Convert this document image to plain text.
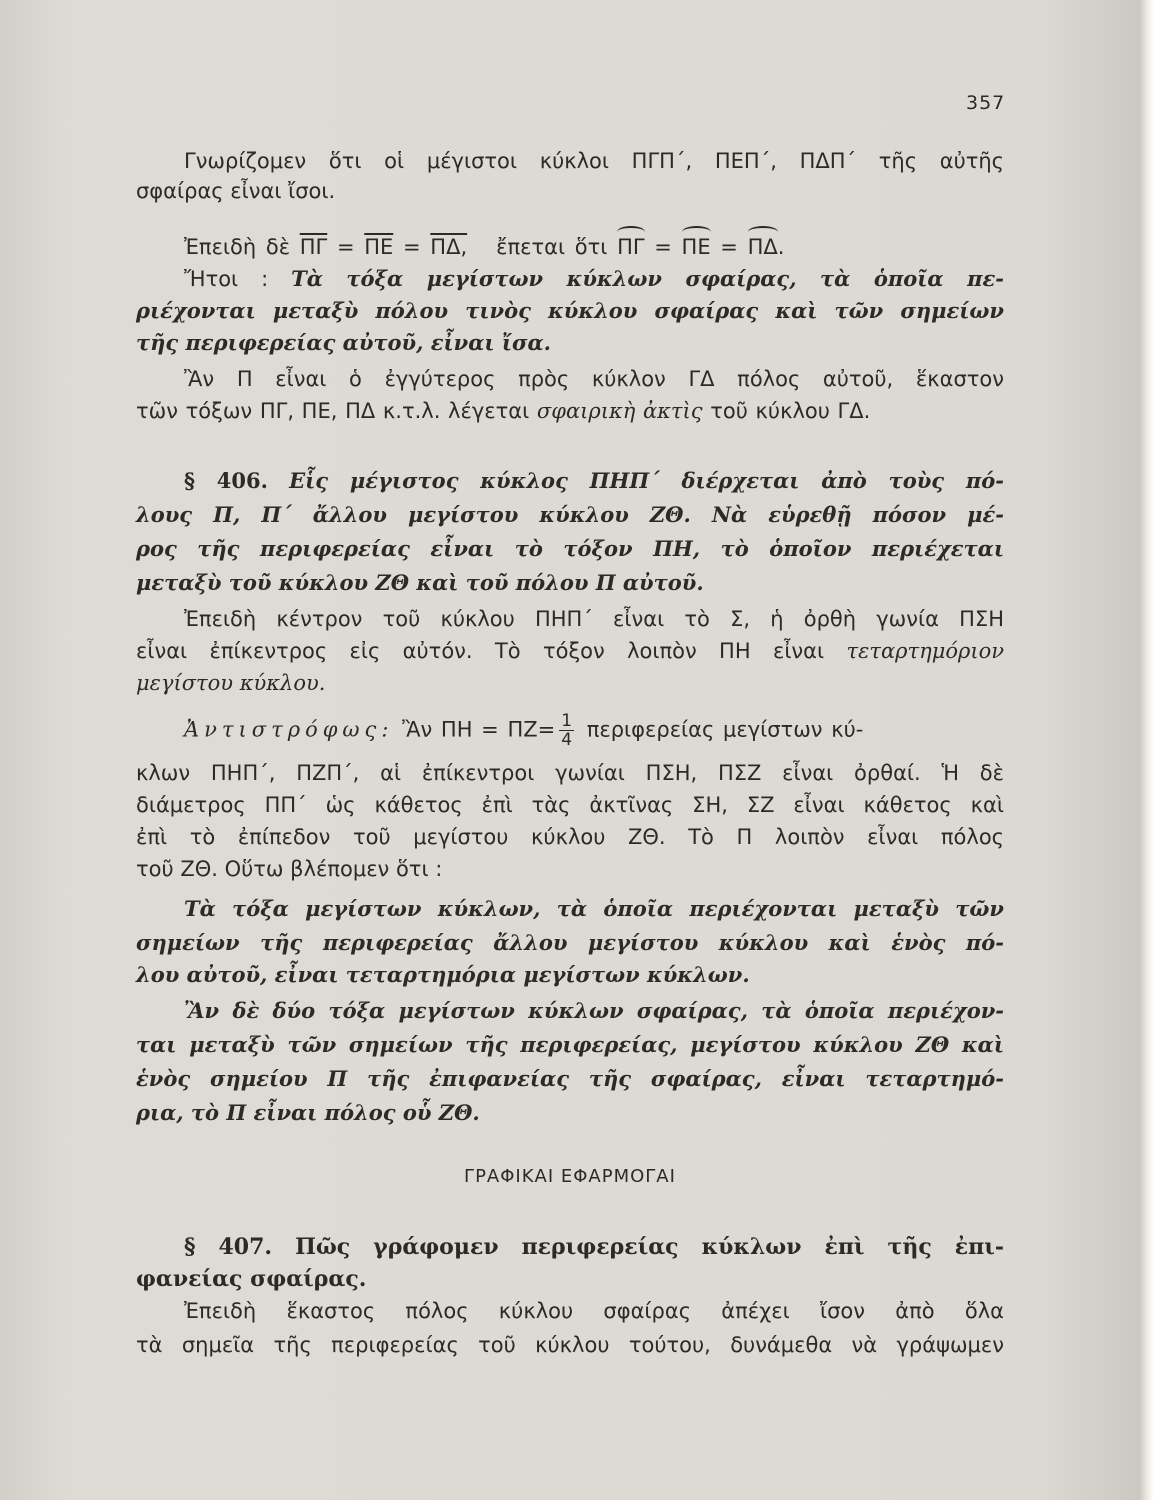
357
Γνωρίζομεν ὅτι οἱ μέγιστοι κύκλοι ΠΓΠ΄, ΠΕΠ΄, ΠΔΠ΄ τῆς αὐτῆς
σφαίρας εἶναι ἴσοι.
Ἐπειδὴ δὲ $\overline{\Pi\Gamma} = \overline{\Pi E} = \Pi\Delta$, ἔπεται ὅτι ΠΓ = ΠΕ = ΠΔ.
Ἤτοι : Τὰ τόξα μεγίστων κύκλων σφαίρας, τὰ ὁποῖα πε-
ριέχονται μεταξὺ πόλου τινὸς κύκλου σφαίρας καὶ τῶν σημείων
τῆς περιφερείας αὐτοῦ, εἶναι ἴσα.
Ἂν Π εἶναι ὁ ἐγγύτερος πρὸς κύκλον ΓΔ πόλος αὐτοῦ, ἕκαστον
τῶν τόξων ΠΓ, ΠΕ, ΠΔ κ.τ.λ. λέγεται σφαιρικὴ ἀκτὶς τοῦ κύκλου ΓΔ.
§ 406. Εἷς μέγιστος κύκλος ΠΗΠ΄ διέρχεται ἀπὸ τοὺς πό-
λους Π, Π΄ ἄλλου μεγίστου κύκλου ΖΘ. Νὰ εὑρεθῇ πόσον μέ-
ρος τῆς περιφερείας εἶναι τὸ τόξον ΠΗ, τὸ ὁποῖον περιέχεται
μεταξὺ τοῦ κύκλου ΖΘ καὶ τοῦ πόλου Π αὐτοῦ.
Ἐπειδὴ κέντρον τοῦ κύκλου ΠΗΠ΄ εἶναι τὸ Σ, ἡ ὀρθὴ γωνία ΠΣΗ
εἶναι ἐπίκεντρος εἰς αὐτόν. Τὸ τόξον λοιπὸν ΠΗ εἶναι τεταρτημόριον
μεγίστου κύκλου.
Ἀντιστρόφως: Ἂν $\Pi H = \Pi Z= \frac{1}{4}$ περιφερείας μεγίστων κύ-
κλων ΠΗΠ΄, ΠΖΠ΄, αἱ ἐπίκεντροι γωνίαι ΠΣΗ, ΠΣΖ εἶναι ὀρθαί. Ἡ δὲ
διάμετρος ΠΠ΄ ὡς κάθετος ἐπὶ τὰς ἀκτῖνας ΣΗ, ΣΖ εἶναι κάθετος καὶ
ἐπὶ τὸ ἐπίπεδον τοῦ μεγίστου κύκλου ΖΘ. Τὸ Π λοιπὸν εἶναι πόλος
τοῦ ΖΘ. Οὕτω βλέπομεν ὅτι :
Τὰ τόξα μεγίστων κύκλων, τὰ ὁποῖα περιέχονται μεταξὺ τῶν
σημείων τῆς περιφερείας ἄλλου μεγίστου κύκλου καὶ ἑνὸς πό-
λου αὐτοῦ, εἶναι τεταρτημόρια μεγίστων κύκλων.
Ἂν δὲ δύο τόξα μεγίστων κύκλων σφαίρας, τὰ ὁποῖα περιέχον-
ται μεταξὺ τῶν σημείων τῆς περιφερείας, μεγίστου κύκλου ΖΘ καὶ
ἑνὸς σημείου Π τῆς ἐπιφανείας τῆς σφαίρας, εἶναι τεταρτημό-
ρια, τὸ Π εἶναι πόλος οὗ ΖΘ.
ΓΡΑΦΙΚΑΙ ΕΦΑΡΜΟΓΑΙ
§ 407. Πῶς γράφομεν περιφερείας κύκλων ἐπὶ τῆς ἐπι-
φανείας σφαίρας.
Ἐπειδὴ ἕκαστος πόλος κύκλου σφαίρας ἀπέχει ἴσον ἀπὸ ὅλα
τὰ σημεῖα τῆς περιφερείας τοῦ κύκλου τούτου, δυνάμεθα νὰ γράψωμεν
